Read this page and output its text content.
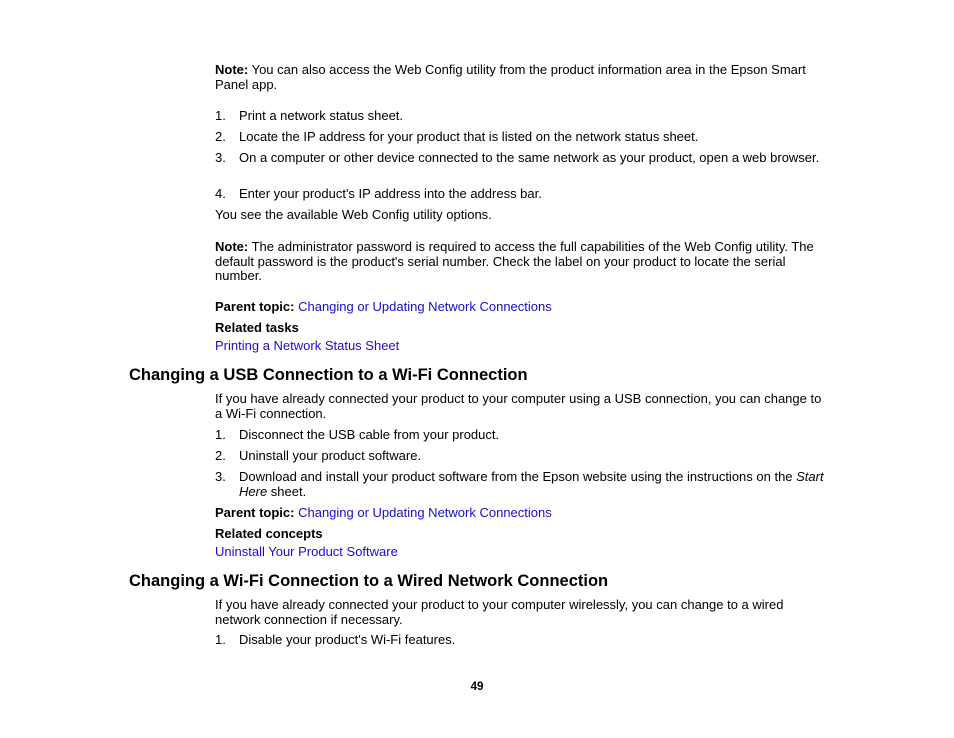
Note: You can also access the Web Config utility from the product information area in the Epson Smart Panel app.
1. Print a network status sheet.
2. Locate the IP address for your product that is listed on the network status sheet.
3. On a computer or other device connected to the same network as your product, open a web browser.
4. Enter your product's IP address into the address bar.
You see the available Web Config utility options.
Note: The administrator password is required to access the full capabilities of the Web Config utility. The default password is the product's serial number. Check the label on your product to locate the serial number.
Parent topic: Changing or Updating Network Connections
Related tasks
Printing a Network Status Sheet
Changing a USB Connection to a Wi-Fi Connection
If you have already connected your product to your computer using a USB connection, you can change to a Wi-Fi connection.
1. Disconnect the USB cable from your product.
2. Uninstall your product software.
3. Download and install your product software from the Epson website using the instructions on the Start Here sheet.
Parent topic: Changing or Updating Network Connections
Related concepts
Uninstall Your Product Software
Changing a Wi-Fi Connection to a Wired Network Connection
If you have already connected your product to your computer wirelessly, you can change to a wired network connection if necessary.
1. Disable your product's Wi-Fi features.
49
